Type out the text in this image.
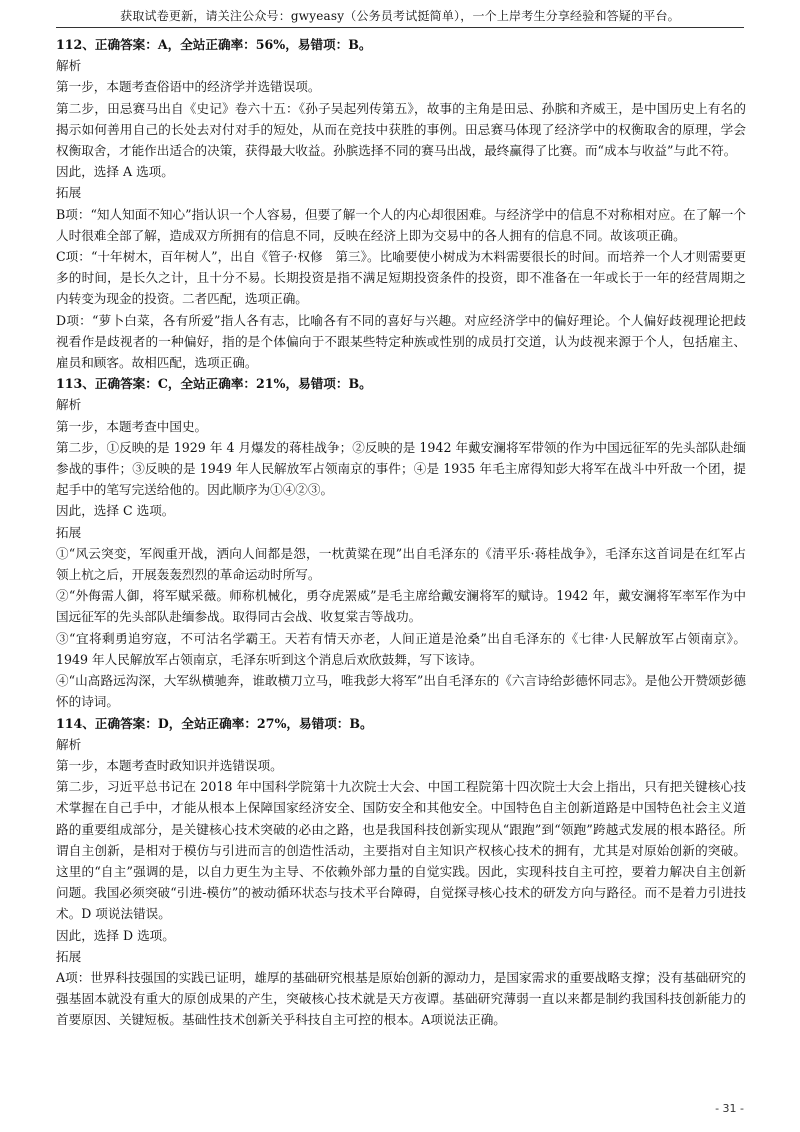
获取试卷更新，请关注公众号：gwyeasy（公务员考试挺简单），一个上岸考生分享经验和答疑的平台。

112、正确答案：A，全站正确率：56%，易错项：B。

解析

第一步，本题考查俗语中的经济学并选错误项。

第二步，田忌赛马出自《史记》卷六十五：《孙子吴起列传第五》，故事的主角是田忌、孙膑和齐威王，是中国历史上有名的揭示如何善用自己的长处去对付对手的短处，从而在竞技中获胜的事例。田忌赛马体现了经济学中的权衡取舍的原理，学会权衡取舍，才能作出适合的决策，获得最大收益。孙膑选择不同的赛马出战，最终赢得了比赛。而“成本与收益”与此不符。

因此，选择 A 选项。

拓展

B项：“知人知面不知心”指认识一个人容易，但要了解一个人的内心却很困难。与经济学中的信息不对称相对应。在了解一个人时很难全部了解，造成双方所拥有的信息不同，反映在经济上即为交易中的各人拥有的信息不同。故该项正确。

C项：“十年树木，百年树人”，出自《管子·权修　第三》。比喻要使小树成为木料需要很长的时间。而培养一个人才则需要更多的时间，是长久之计，且十分不易。长期投资是指不满足短期投资条件的投资，即不准备在一年或长于一年的经营周期之内转变为现金的投资。二者匹配，选项正确。

D项：“萝卜白菜，各有所爱”指人各有志，比喻各有不同的喜好与兴趣。对应经济学中的偏好理论。个人偏好歧视理论把歧视看作是歧视者的一种偏好，指的是个体偏向于不跟某些特定种族或性别的成员打交道，认为歧视来源于个人，包括雇主、雇员和顾客。故相匹配，选项正确。

113、正确答案：C，全站正确率：21%，易错项：B。

解析

第一步，本题考查中国史。

第二步，①反映的是 1929 年 4 月爆发的蒋桂战争；②反映的是 1942 年戴安澜将军带领的作为中国远征军的先头部队赴缅参战的事件；③反映的是 1949 年人民解放军占领南京的事件；④是 1935 年毛主席得知彭大将军在战斗中歼敌一个团，提起手中的笔写完送给他的。因此顺序为①④②③。

因此，选择 C 选项。

拓展

①“风云突变，军阀重开战，洒向人间都是怨，一枕黄粱在现”出自毛泽东的《清平乐·蒋桂战争》，毛泽东这首词是在红军占领上杭之后，开展轰轰烈烈的革命运动时所写。

②“外侮需人御，将军赋采薇。师称机械化，勇夺虎罴威”是毛主席给戴安澜将军的赋诗。1942 年，戴安澜将军率军作为中国远征军的先头部队赴缅参战。取得同古会战、收复棠吉等战功。

③“宜将剩勇追穷寇，不可沽名学霸王。天若有情天亦老，人间正道是沧桑”出自毛泽东的《七律·人民解放军占领南京》。1949 年人民解放军占领南京，毛泽东听到这个消息后欢欣鼓舞，写下该诗。

④“山高路远沟深，大军纵横驰奔，谁敢横刀立马，唯我彭大将军”出自毛泽东的《六言诗给彭德怀同志》。是他公开赞颂彭德怀的诗词。

114、正确答案：D，全站正确率：27%，易错项：B。

解析

第一步，本题考查时政知识并选错误项。

第二步，习近平总书记在 2018 年中国科学院第十九次院士大会、中国工程院第十四次院士大会上指出，只有把关键核心技术掌握在自己手中，才能从根本上保障国家经济安全、国防安全和其他安全。中国特色自主创新道路是中国特色社会主义道路的重要组成部分，是关键核心技术突破的必由之路，也是我国科技创新实现从“跟跑”到“领跑”跨越式发展的根本路径。所谓自主创新，是相对于模仿与引进而言的创造性活动，主要指对自主知识产权核心技术的拥有，尤其是对原始创新的突破。这里的“自主”强调的是，以自力更生为主导、不依赖外部力量的自觉实践。因此，实现科技自主可控，要着力解决自主创新问题。我国必须突破“引进-模仿”的被动循环状态与技术平台障碍，自觉探寻核心技术的研发方向与路径。而不是着力引进技术。D 项说法错误。

因此，选择 D 选项。

拓展

A项：世界科技强国的实践已证明，雄厚的基础研究根基是原始创新的源动力，是国家需求的重要战略支撑；没有基础研究的强基固本就没有重大的原创成果的产生，突破核心技术就是天方夜谭。基础研究薄弱一直以来都是制约我国科技创新能力的首要原因、关键短板。基础性技术创新关乎科技自主可控的根本。A项说法正确。

- 31 -
